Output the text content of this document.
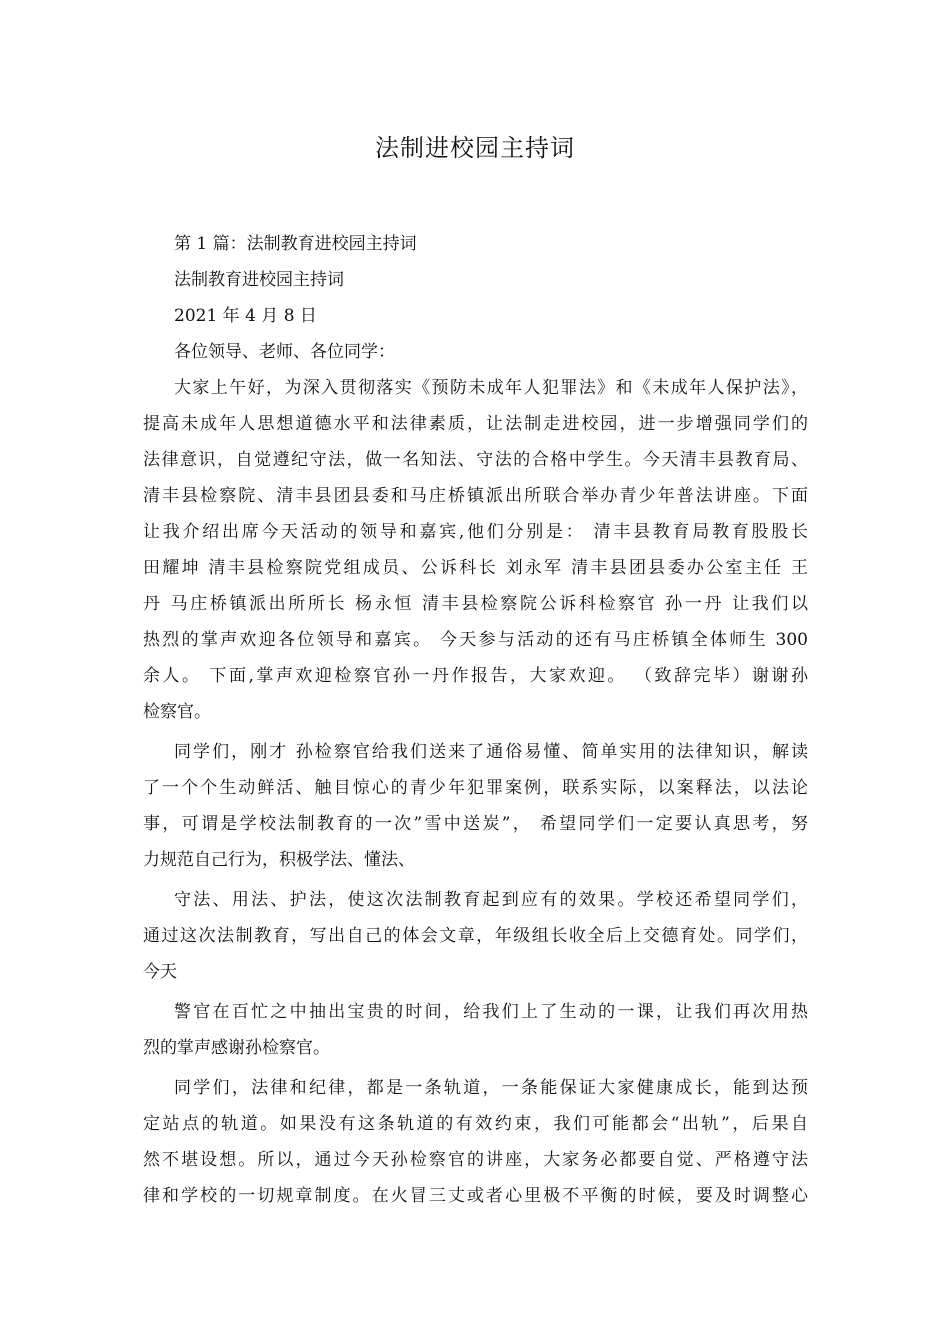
法制进校园主持词
第 1 篇：法制教育进校园主持词
法制教育进校园主持词
2021 年 4 月 8 日
各位领导、老师、各位同学：
大家上午好，为深入贯彻落实《预防未成年人犯罪法》和《未成年人保护法》，
提高未成年人思想道德水平和法律素质，让法制走进校园，进一步增强同学们的
法律意识，自觉遵纪守法，做一名知法、守法的合格中学生。今天清丰县教育局、
清丰县检察院、清丰县团县委和马庄桥镇派出所联合举办青少年普法讲座。下面
让我介绍出席今天活动的领导和嘉宾,他们分别是： 清丰县教育局教育股股长
田耀坤 清丰县检察院党组成员、公诉科长 刘永军 清丰县团县委办公室主任 王
丹 马庄桥镇派出所所长 杨永恒 清丰县检察院公诉科检察官 孙一丹 让我们以
热烈的掌声欢迎各位领导和嘉宾。 今天参与活动的还有马庄桥镇全体师生 300
余人。 下面,掌声欢迎检察官孙一丹作报告，大家欢迎。 （致辞完毕）谢谢孙
检察官。
同学们，刚才 孙检察官给我们送来了通俗易懂、简单实用的法律知识，解读
了一个个生动鲜活、触目惊心的青少年犯罪案例，联系实际，以案释法，以法论
事，可谓是学校法制教育的一次”雪中送炭”， 希望同学们一定要认真思考，努
力规范自己行为，积极学法、懂法、
守法、用法、护法，使这次法制教育起到应有的效果。学校还希望同学们，
通过这次法制教育，写出自己的体会文章，年级组长收全后上交德育处。同学们，
今天
警官在百忙之中抽出宝贵的时间，给我们上了生动的一课，让我们再次用热
烈的掌声感谢孙检察官。
同学们，法律和纪律，都是一条轨道，一条能保证大家健康成长，能到达预
定站点的轨道。如果没有这条轨道的有效约束，我们可能都会“出轨”，后果自
然不堪设想。所以，通过今天孙检察官的讲座，大家务必都要自觉、严格遵守法
律和学校的一切规章制度。在火冒三丈或者心里极不平衡的时候，要及时调整心
